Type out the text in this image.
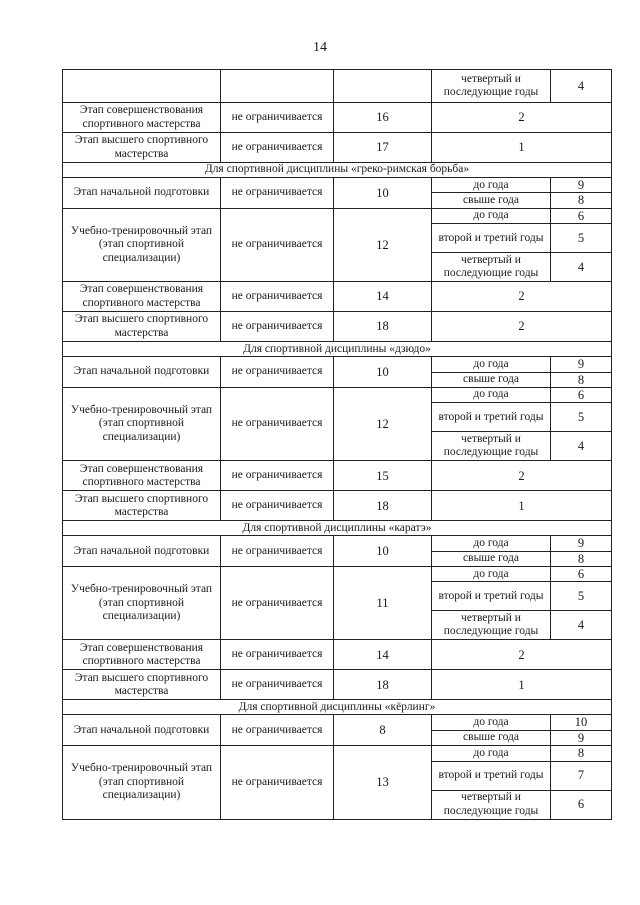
14
			четвертый и последующие годы	4
Этап совершенствования спортивного мастерства	не ограничивается	16	2	
Этап высшего спортивного мастерства	не ограничивается	17	1	
Для спортивной дисциплины «греко-римская борьба»				
Этап начальной подготовки	не ограничивается	10	до года	9
			свыше года	8
Учебно-тренировочный этап (этап спортивной специализации)	не ограничивается	12	до года	6
			второй и третий годы	5
			четвертый и последующие годы	4
Этап совершенствования спортивного мастерства	не ограничивается	14	2	
Этап высшего спортивного мастерства	не ограничивается	18	2	
Для спортивной дисциплины «дзюдо»				
Этап начальной подготовки	не ограничивается	10	до года	9
			свыше года	8
Учебно-тренировочный этап (этап спортивной специализации)	не ограничивается	12	до года	6
			второй и третий годы	5
			четвертый и последующие годы	4
Этап совершенствования спортивного мастерства	не ограничивается	15	2	
Этап высшего спортивного мастерства	не ограничивается	18	1	
Для спортивной дисциплины «каратэ»				
Этап начальной подготовки	не ограничивается	10	до года	9
			свыше года	8
Учебно-тренировочный этап (этап спортивной специализации)	не ограничивается	11	до года	6
			второй и третий годы	5
			четвертый и последующие годы	4
Этап совершенствования спортивного мастерства	не ограничивается	14	2	
Этап высшего спортивного мастерства	не ограничивается	18	1	
Для спортивной дисциплины «кёрлинг»				
Этап начальной подготовки	не ограничивается	8	до года	10
			свыше года	9
Учебно-тренировочный этап (этап спортивной специализации)	не ограничивается	13	до года	8
			второй и третий годы	7
			четвертый и последующие годы	6
